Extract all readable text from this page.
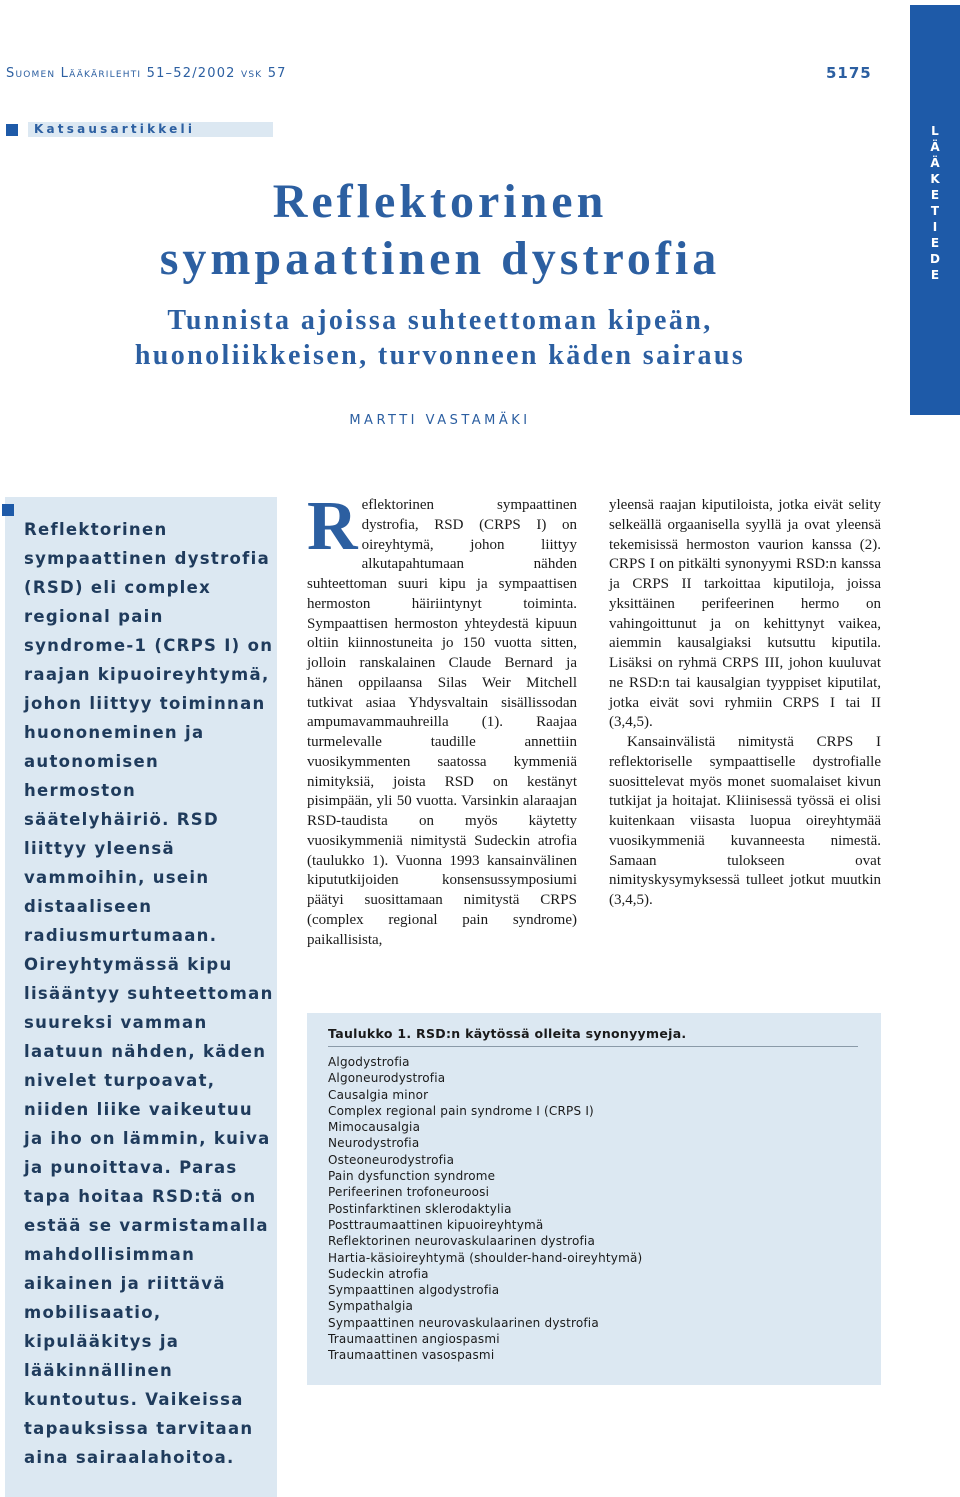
Suomen Lääkärilehti 51–52/2002 vsk 57	5175
L
Ä
Ä
K
E
T
I
E
D
E
Katsausartikkeli
Reflektorinen
sympaattinen dystrofia
Tunnista ajoissa suhteettoman kipeän,
huonoliikkeisen, turvonneen käden sairaus
MARTTI VASTAMÄKI
Reflektorinen sympaattinen dystrofia (RSD) eli complex regional pain syndrome-1 (CRPS I) on raajan kipuoireyhtymä, johon liittyy toiminnan huononeminen ja autonomisen hermoston säätelyhäiriö. RSD liittyy yleensä vammoihin, usein distaaliseen radiusmurtumaan. Oireyhtymässä kipu lisääntyy suhteettoman suureksi vamman laatuun nähden, käden nivelet turpoavat, niiden liike vaikeutuu ja iho on lämmin, kuiva ja punoittava. Paras tapa hoitaa RSD:tä on estää se varmistamalla mahdollisimman aikainen ja riittävä mobilisaatio, kipulääkitys ja lääkinnällinen kuntoutus. Vaikeissa tapauksissa tarvitaan aina sairaalahoitoa.
Reflektorinen sympaattinen dystrofia, RSD (CRPS I) on oireyhtymä, johon liittyy alkutapahtumaan nähden suhteettoman suuri kipu ja sympaattisen hermoston häiriintynyt toiminta. Sympaattisen hermoston yhteydestä kipuun oltiin kiinnostuneita jo 150 vuotta sitten, jolloin ranskalainen Claude Bernard ja hänen oppilaansa Silas Weir Mitchell tutkivat asiaa Yhdysvaltain sisällissodan ampumavammauhreilla (1). Raajaa turmelevalle taudille annettiin vuosikymmenten saatossa kymmeniä nimityksiä, joista RSD on kestänyt pisimpään, yli 50 vuotta. Varsinkin alaraajan RSD-taudista on myös käytetty vuosikymmeniä nimitystä Sudeckin atrofia (taulukko 1). Vuonna 1993 kansainvälinen kipututkijoiden konsensussymposiumi päätyi suosittamaan nimitystä CRPS (complex regional pain syndrome) paikallisista,
yleensä raajan kiputiloista, jotka eivät selity selkeällä orgaanisella syyllä ja ovat yleensä tekemisissä hermoston vaurion kanssa (2). CRPS I on pitkälti synonyymi RSD:n kanssa ja CRPS II tarkoittaa kiputiloja, joissa yksittäinen perifeerinen hermo on vahingoittunut ja on kehittynyt vaikea, aiemmin kausalgiaksi kutsuttu kiputila. Lisäksi on ryhmä CRPS III, johon kuuluvat ne RSD:n tai kausalgian tyyppiset kiputilat, jotka eivät sovi ryhmiin CRPS I tai II (3,4,5).
Kansainvälistä nimitystä CRPS I reflektoriselle sympaattiselle dystrofialle suosittelevat myös monet suomalaiset kivun tutkijat ja hoitajat. Kliinisessä työssä ei olisi kuitenkaan viisasta luopua oireyhtymää vuosikymmeniä kuvanneesta nimestä. Samaan tulokseen ovat nimityskysymyksessä tulleet jotkut muutkin (3,4,5).
Taulukko 1. RSD:n käytössä olleita synonyymeja.
Algodystrofia
Algoneurodystrofia
Causalgia minor
Complex regional pain syndrome I (CRPS I)
Mimocausalgia
Neurodystrofia
Osteoneurodystrofia
Pain dysfunction syndrome
Perifeerinen trofoneuroosi
Postinfarktinen sklerodaktylia
Posttraumaattinen kipuoireyhtymä
Reflektorinen neurovaskulaarinen dystrofia
Hartia-käsioireyhtymä (shoulder-hand-oireyhtymä)
Sudeckin atrofia
Sympaattinen algodystrofia
Sympathalgia
Sympaattinen neurovaskulaarinen dystrofia
Traumaattinen angiospasmi
Traumaattinen vasospasmi
